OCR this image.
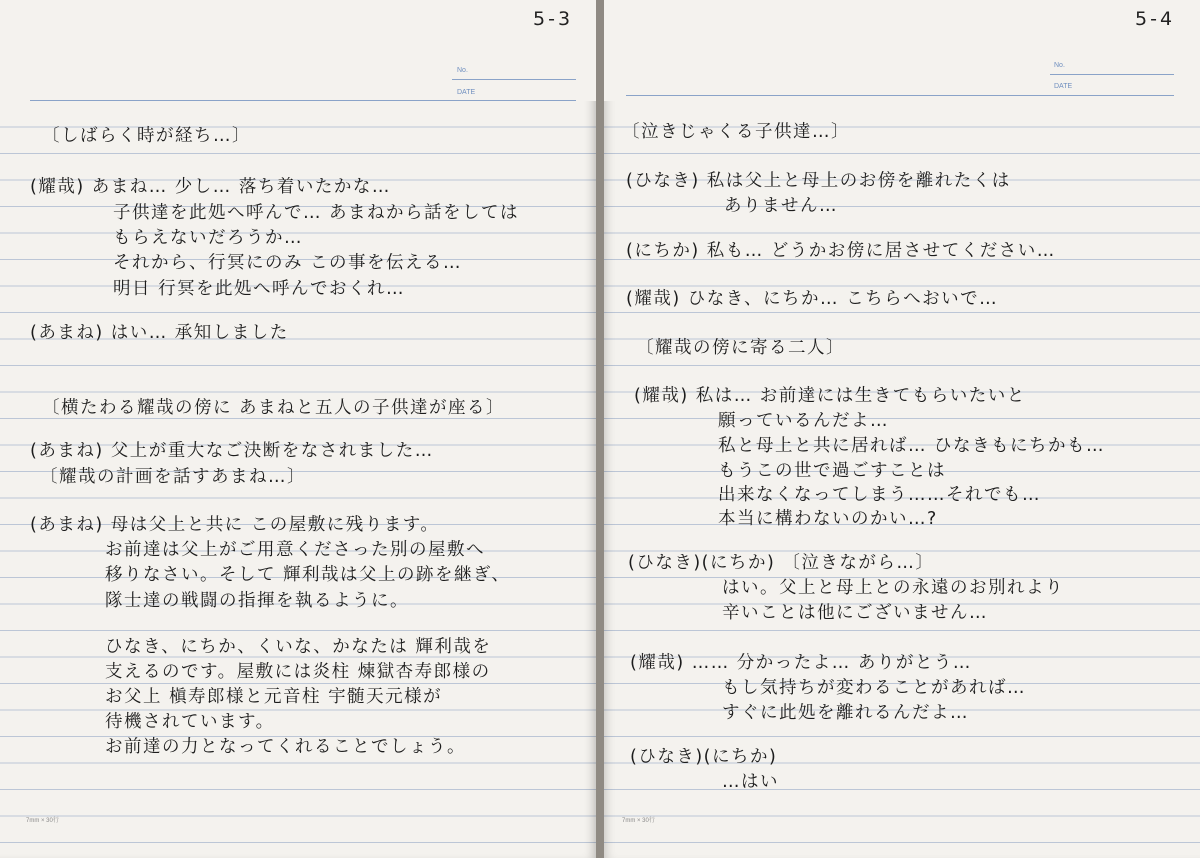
5-3
No.
DATE

〔しばらく時が経ち…〕

(耀哉) あまね… 少し… 落ち着いたかな…

子供達を此処へ呼んで… あまねから話をしては

もらえないだろうか…

それから、行冥にのみ この事を伝える…

明日 行冥を此処へ呼んでおくれ…

(あまね) はい… 承知しました

〔横たわる耀哉の傍に あまねと五人の子供達が座る〕

(あまね) 父上が重大なご決断をなされました…

〔耀哉の計画を話すあまね…〕

(あまね) 母は父上と共に この屋敷に残ります。

お前達は父上がご用意くださった別の屋敷へ

移りなさい。そして 輝利哉は父上の跡を継ぎ、

隊士達の戦闘の指揮を執るように。

ひなき、にちか、くいな、かなたは 輝利哉を

支えるのです。屋敷には炎柱 煉獄杏寿郎様の

お父上 槇寿郎様と元音柱 宇髄天元様が

待機されています。

お前達の力となってくれることでしょう。

7mm × 30行
5-4
No.
DATE

〔泣きじゃくる子供達…〕

(ひなき) 私は父上と母上のお傍を離れたくは

ありません…

(にちか) 私も… どうかお傍に居させてください…

(耀哉) ひなき、にちか… こちらへおいで…

〔耀哉の傍に寄る二人〕

(耀哉) 私は… お前達には生きてもらいたいと

願っているんだよ…

私と母上と共に居れば… ひなきもにちかも…

もうこの世で過ごすことは

出来なくなってしまう……それでも…

本当に構わないのかい…?

(ひなき)(にちか) 〔泣きながら…〕

はい。父上と母上との永遠のお別れより

辛いことは他にございません…

(耀哉) …… 分かったよ… ありがとう…

もし気持ちが変わることがあれば…

すぐに此処を離れるんだよ…

(ひなき)(にちか)

…はい

7mm × 30行
